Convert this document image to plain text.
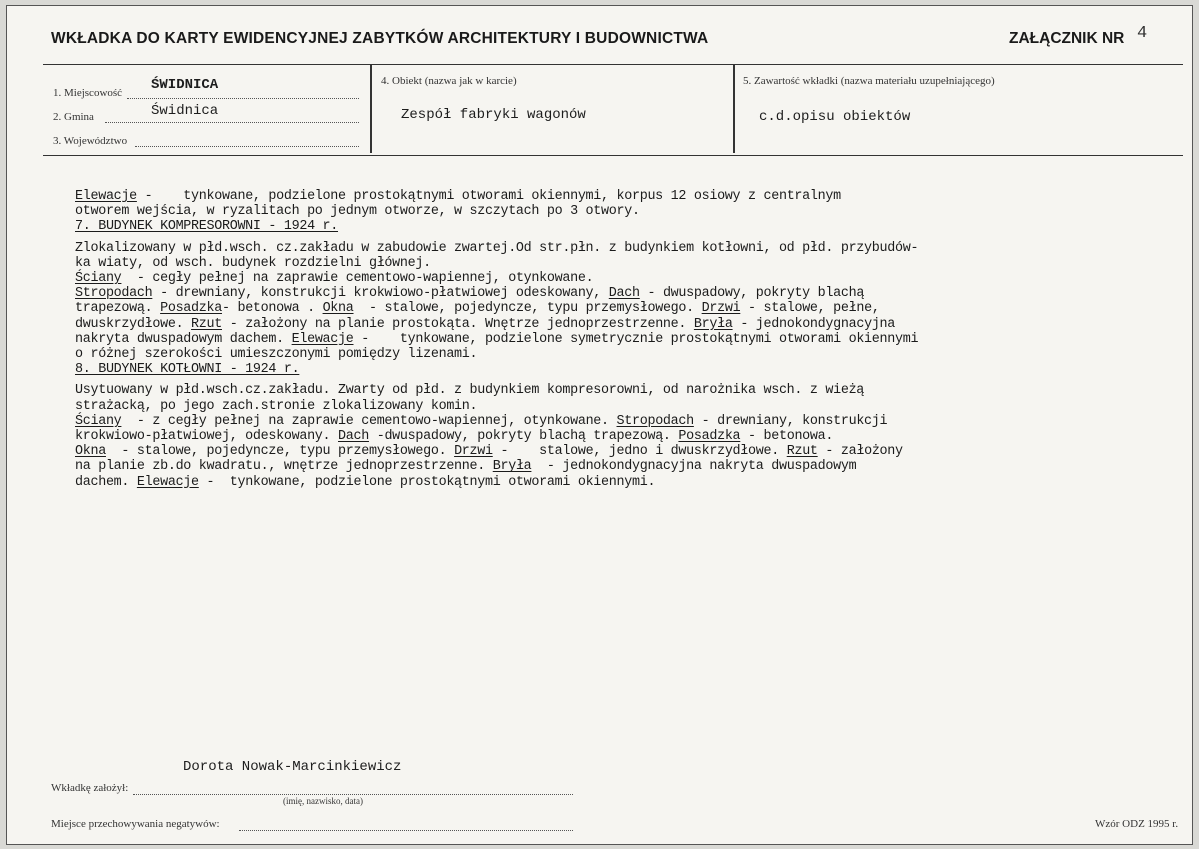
WKŁADKA DO KARTY EWIDENCYJNEJ ZABYTKÓW ARCHITEKTURY I BUDOWNICTWA	ZAŁĄCZNIK NR 4
1. Miejscowość ŚWIDNICA
2. Gmina	Świdnica
3. Województwo
4. Obiekt (nazwa jak w karcie)
Zespół fabryki wagonów
5. Zawartość wkładki (nazwa materiału uzupełniającego)
c.d.opisu obiektów
Elewacje -    tynkowane, podzielone prostokątnymi otworami okiennymi, korpus 12 osiowy z centralnym
otworem wejścia, w ryzalitach po jednym otworze, w szczytach po 3 otwory.
7. BUDYNEK KOMPRESOROWNI - 1924 r.
Zlokalizowany w płd.wsch. cz.zakładu w zabudowie zwartej.Od str.płn. z budynkiem kotłowni, od płd. przybudów-
ka wiaty, od wsch. budynek rozdzielni głównej.
Ściany  - cegły pełnej na zaprawie cementowo-wapiennej, otynkowane.
Stropodach - drewniany, konstrukcji krokwiowo-płatwiowej odeskowany, Dach - dwuspadowy, pokryty blachą
trapezową. Posadzka- betonowa . Okna  - stalowe, pojedyncze, typu przemysłowego. Drzwi - stalowe, pełne,
dwuskrzydłowe. Rzut - założony na planie prostokąta. Wnętrze jednoprzestrzenne. Bryła - jednokondygnacyjna
nakryta dwuspadowym dachem. Elewacje -    tynkowane, podzielone symetrycznie prostokątnymi otworami okiennymi
o różnej szerokości umieszczonymi pomiędzy lizenami.
8. BUDYNEK KOTŁOWNI - 1924 r.
Usytuowany w płd.wsch.cz.zakładu. Zwarty od płd. z budynkiem kompresorowni, od narożnika wsch. z wieżą
strażacką, po jego zach.stronie zlokalizowany komin.
Ściany  - z cegły pełnej na zaprawie cementowo-wapiennej, otynkowane. Stropodach - drewniany, konstrukcji
krokwiowo-płatwiowej, odeskowany. Dach -dwuspadowy, pokryty blachą trapezową. Posadzka - betonowa.
Okna  - stalowe, pojedyncze, typu przemysłowego. Drzwi -    stalowe, jedno i dwuskrzydłowe. Rzut - założony
na planie zb.do kwadratu., wnętrze jednoprzestrzenne. Bryła  - jednokondygnacyjna nakryta dwuspadowym
dachem. Elewacje -  tynkowane, podzielone prostokątnymi otworami okiennymi.
Dorota Nowak-Marcinkiewicz
Wkładkę założył:
(imię, nazwisko, data)
Miejsce przechowywania negatywów:	Wzór ODZ 1995 r.
